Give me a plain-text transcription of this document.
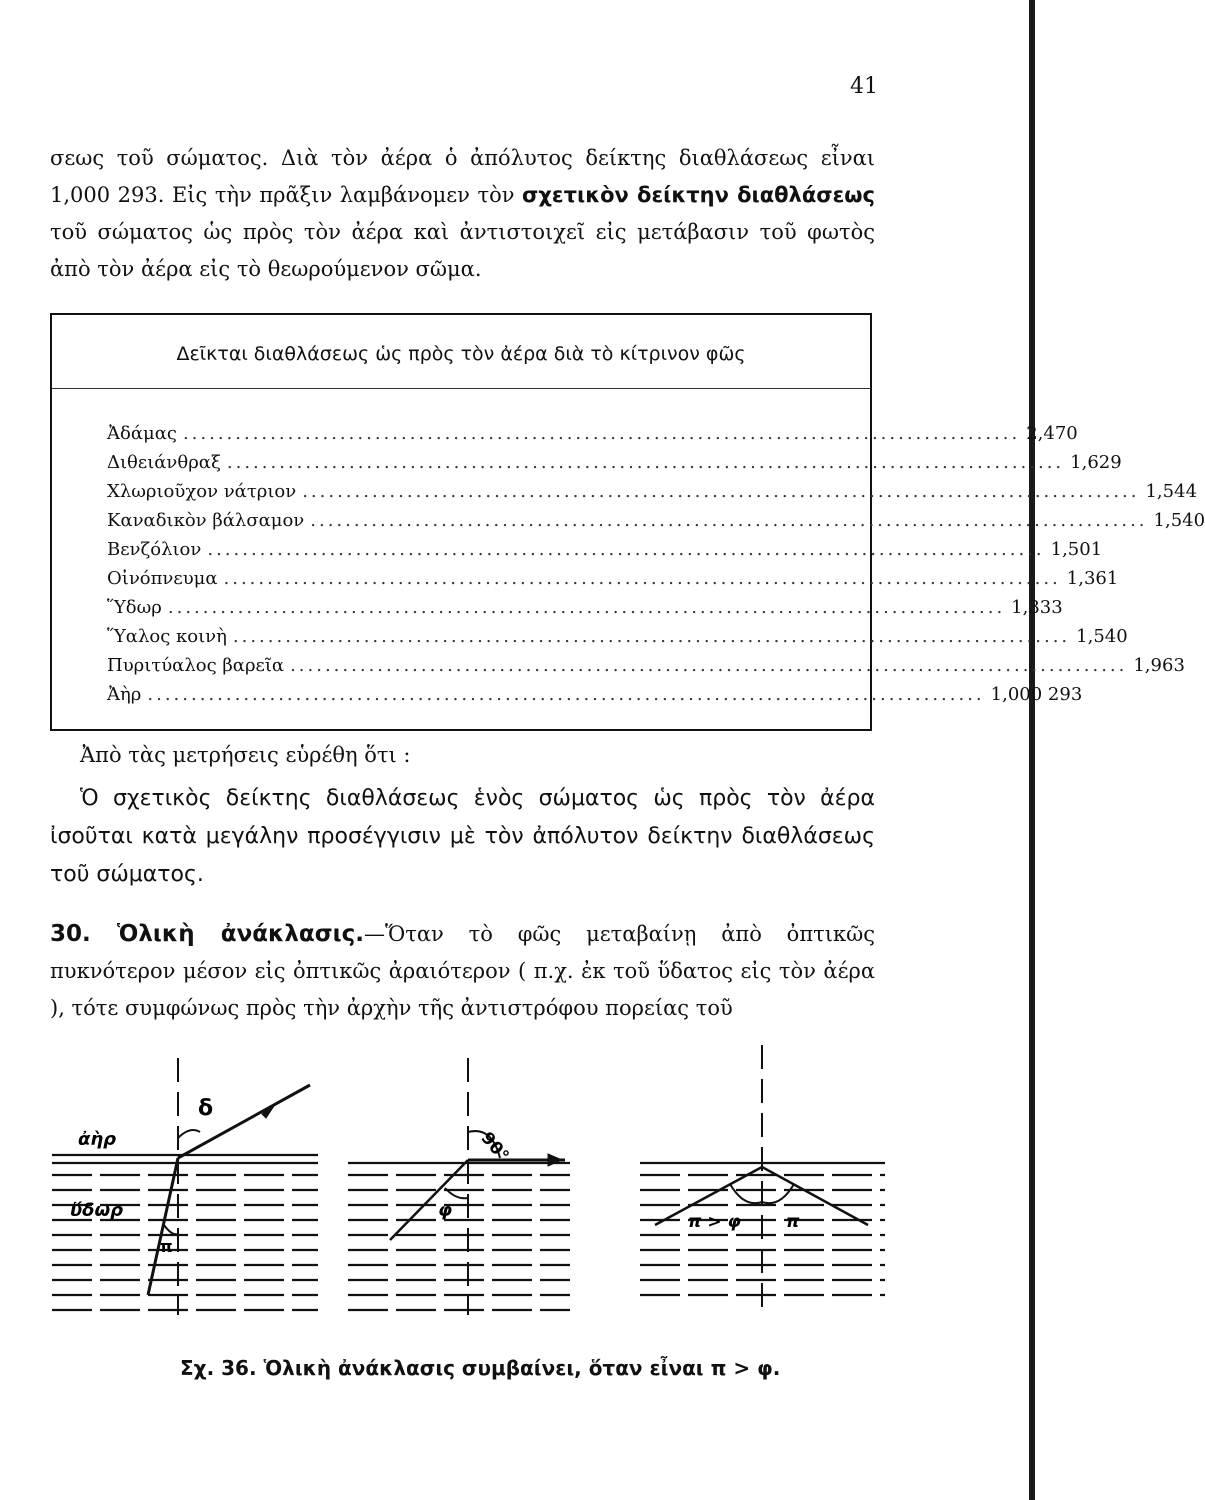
41

σεως τοῦ σώματος. Διὰ τὸν ἀέρα ὁ ἀπόλυτος δείκτης διαθλάσεως εἶναι 1,000 293. Εἰς τὴν πρᾶξιν λαμβάνομεν τὸν σχετικὸν δείκτην διαθλάσεως τοῦ σώματος ὡς πρὸς τὸν ἀέρα καὶ ἀντιστοιχεῖ εἰς μετάβασιν τοῦ φωτὸς ἀπὸ τὸν ἀέρα εἰς τὸ θεωρούμενον σῶμα.

Δεῖκται διαθλάσεως ὡς πρὸς τὸν ἀέρα διὰ τὸ κίτρινον φῶς
Ἀδάμας ................................................................................................ 2,470
Διθειάνθραξ ................................................................................................ 1,629
Χλωριοῦχον νάτριον ................................................................................................ 1,544
Καναδικὸν βάλσαμον ................................................................................................ 1,540
Βενζόλιον ................................................................................................ 1,501
Οἰνόπνευμα ................................................................................................ 1,361
Ὕδωρ ................................................................................................ 1,333
Ὕαλος κοινὴ ................................................................................................ 1,540
Πυριτύαλος βαρεῖα ................................................................................................ 1,963
Ἀὴρ ................................................................................................ 1,000 293

Ἀπὸ τὰς μετρήσεις εὑρέθη ὅτι :

Ὁ σχετικὸς δείκτης διαθλάσεως ἑνὸς σώματος ὡς πρὸς τὸν ἀέρα ἰσοῦται κατὰ μεγάλην προσέγγισιν μὲ τὸν ἀπόλυτον δείκτην διαθλάσεως τοῦ σώματος.

30. Ὁλικὴ ἀνάκλασις.—Ὅταν τὸ φῶς μεταβαίνῃ ἀπὸ ὀπτικῶς πυκνότερον μέσον εἰς ὀπτικῶς ἀραιότερον ( π.χ. ἐκ τοῦ ὕδατος εἰς τὸν ἀέρα ), τότε συμφώνως πρὸς τὴν ἀρχὴν τῆς ἀντιστρόφου πορείας τοῦ

δ
ἀὴρ
ὕδωρ
π
90°
φ
π > φ	π
Σχ. 36. Ὁλικὴ ἀνάκλασις συμβαίνει, ὅταν εἶναι π > φ.
